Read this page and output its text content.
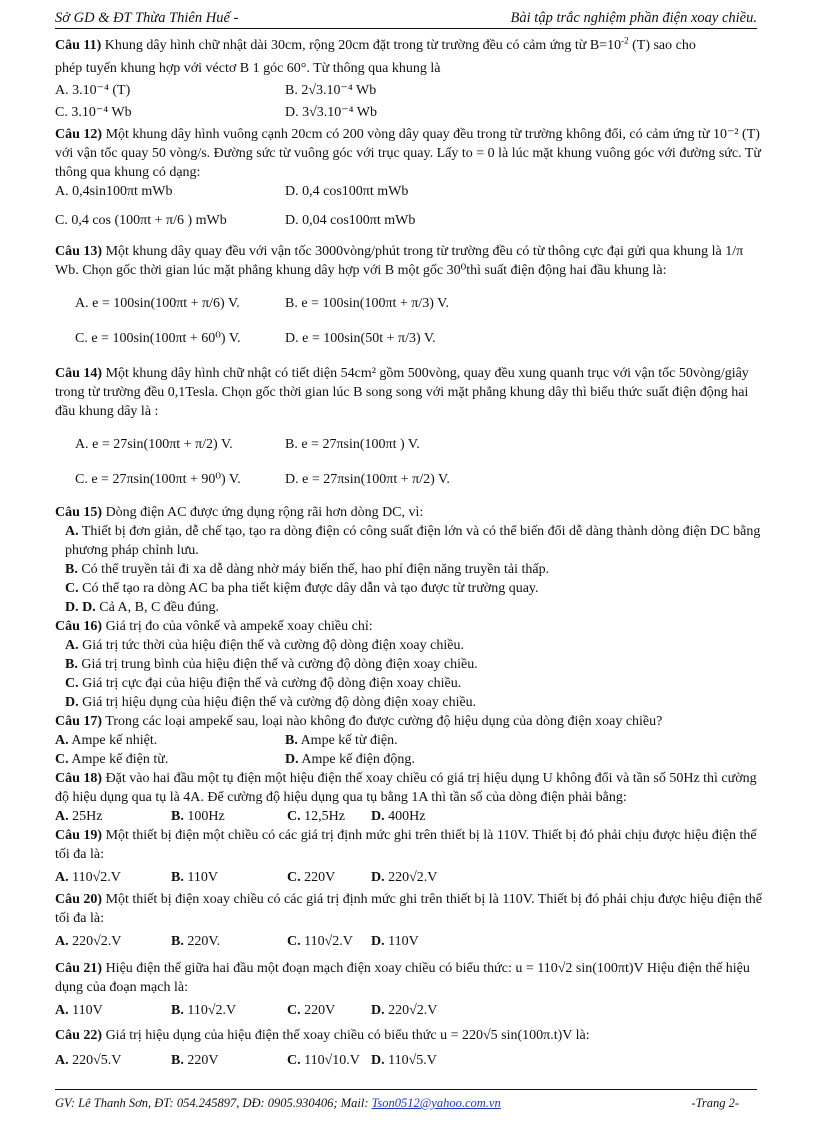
Sở GD & ĐT Thừa Thiên Huế -	Bài tập trắc nghiệm phần điện xoay chiều.
Câu 11) Khung dây hình chữ nhật dài 30cm, rộng 20cm đặt trong từ trường đều có cảm ứng từ $B=10^{-2}$ (T) sao cho
phép tuyến khung hợp với véctơ B 1 góc 60°. Từ thông qua khung là
A. 3.10⁻⁴ (T)	B. 2√3.10⁻⁴ Wb
C. 3.10⁻⁴ Wb	D. 3√3.10⁻⁴ Wb
Câu 12) Một khung dây hình vuông cạnh 20cm có 200 vòng dây quay đều trong từ trường không đổi, có cảm ứng từ 10⁻² (T) với vận tốc quay 50 vòng/s. Đường sức từ vuông góc với trục quay. Lấy to = 0 là lúc mặt khung vuông góc với đường sức. Từ thông qua khung có dạng:
A. 0,4sin100πt mWb	D. 0,4 cos100πt mWb
C. 0,4 cos (100πt + π/6 ) mWb	D. 0,04 cos100πt mWb
Câu 13) Một khung dây quay đều với vận tốc 3000vòng/phút trong từ trường đều có từ thông cực đại gửi qua khung là 1/π Wb. Chọn gốc thời gian lúc mặt phẳng khung dây hợp với B một gốc 30⁰thì suất điện động hai đầu khung là:
A. e = 100sin(100πt + π/6) V.	B. e = 100sin(100πt + π/3) V.
C. e = 100sin(100πt + 60⁰) V.	D. e = 100sin(50t + π/3) V.
Câu 14) Một khung dây hình chữ nhật có tiết diện 54cm² gồm 500vòng, quay đều xung quanh trục với vận tốc 50vòng/giây trong từ trường đều 0,1Tesla. Chọn gốc thời gian lúc B song song với mặt phẳng khung dây thì biểu thức suất điện động hai đầu khung dây là :
A. e = 27sin(100πt + π/2) V.	B. e = 27πsin(100πt ) V.
C. e = 27πsin(100πt + 90⁰) V.	D. e = 27πsin(100πt + π/2) V.
Câu 15) Dòng điện AC được ứng dụng rộng rãi hơn dòng DC, vì:
A. Thiết bị đơn giản, dễ chế tạo, tạo ra dòng điện có công suất điện lớn và có thể biến đổi dễ dàng thành dòng điện DC bằng phương pháp chỉnh lưu.
B. Có thể truyền tải đi xa dễ dàng nhờ máy biến thế, hao phí điện năng truyền tải thấp.
C. Có thể tạo ra dòng AC ba pha tiết kiệm được dây dẫn và tạo được từ trường quay.
D. D. Cả A, B, C đều đúng.
Câu 16) Giá trị đo của vônkế và ampekế xoay chiều chỉ:
A. Giá trị tức thời của hiệu điện thế và cường độ dòng điện xoay chiều.
B. Giá trị trung bình của hiệu điện thế và cường độ dòng điện xoay chiều.
C. Giá trị cực đại của hiệu điện thế và cường độ dòng điện xoay chiều.
D. Giá trị hiệu dụng của hiệu điện thế và cường độ dòng điện xoay chiều.
Câu 17) Trong các loại ampekế sau, loại nào không đo được cường độ hiệu dụng của dòng điện xoay chiều?
A. Ampe kế nhiệt.	B. Ampe kế từ điện.
C. Ampe kế điện từ.	D. Ampe kế điện động.
Câu 18) Đặt vào hai đầu một tụ điện một hiệu điện thế xoay chiều có giá trị hiệu dụng U không đổi và tần số 50Hz thì cường độ hiệu dụng qua tụ là 4A. Để cường độ hiệu dụng qua tụ bằng 1A thì tần số của dòng điện phải bằng:
A. 25Hz	B. 100Hz	C. 12,5Hz	D. 400Hz
Câu 19) Một thiết bị điện một chiều có các giá trị định mức ghi trên thiết bị là 110V. Thiết bị đó phải chịu được hiệu điện thế tối đa là:
A. 110√2.V	B. 110V	C. 220V	D. 220√2.V
Câu 20) Một thiết bị điện xoay chiều có các giá trị định mức ghi trên thiết bị là 110V. Thiết bị đó phải chịu được hiệu điện thế tối đa là:
A. 220√2.V	B. 220V.	C. 110√2.V	D. 110V
Câu 21) Hiệu điện thế giữa hai đầu một đoạn mạch điện xoay chiều có biểu thức: u = 110√2 sin(100πt)V Hiệu điện thế hiệu dụng của đoạn mạch là:
A. 110V	B. 110√2.V	C. 220V	D. 220√2.V
Câu 22) Giá trị hiệu dụng của hiệu điện thế xoay chiều có biểu thức u = 220√5 sin(100π.t)V là:
A. 220√5.V	B. 220V	C. 110√10.V D. 110√5.V
GV: Lê Thanh Sơn, ĐT: 054.245897, DĐ: 0905.930406; Mail: Tson0512@yahoo.com.vn	-Trang 2-
